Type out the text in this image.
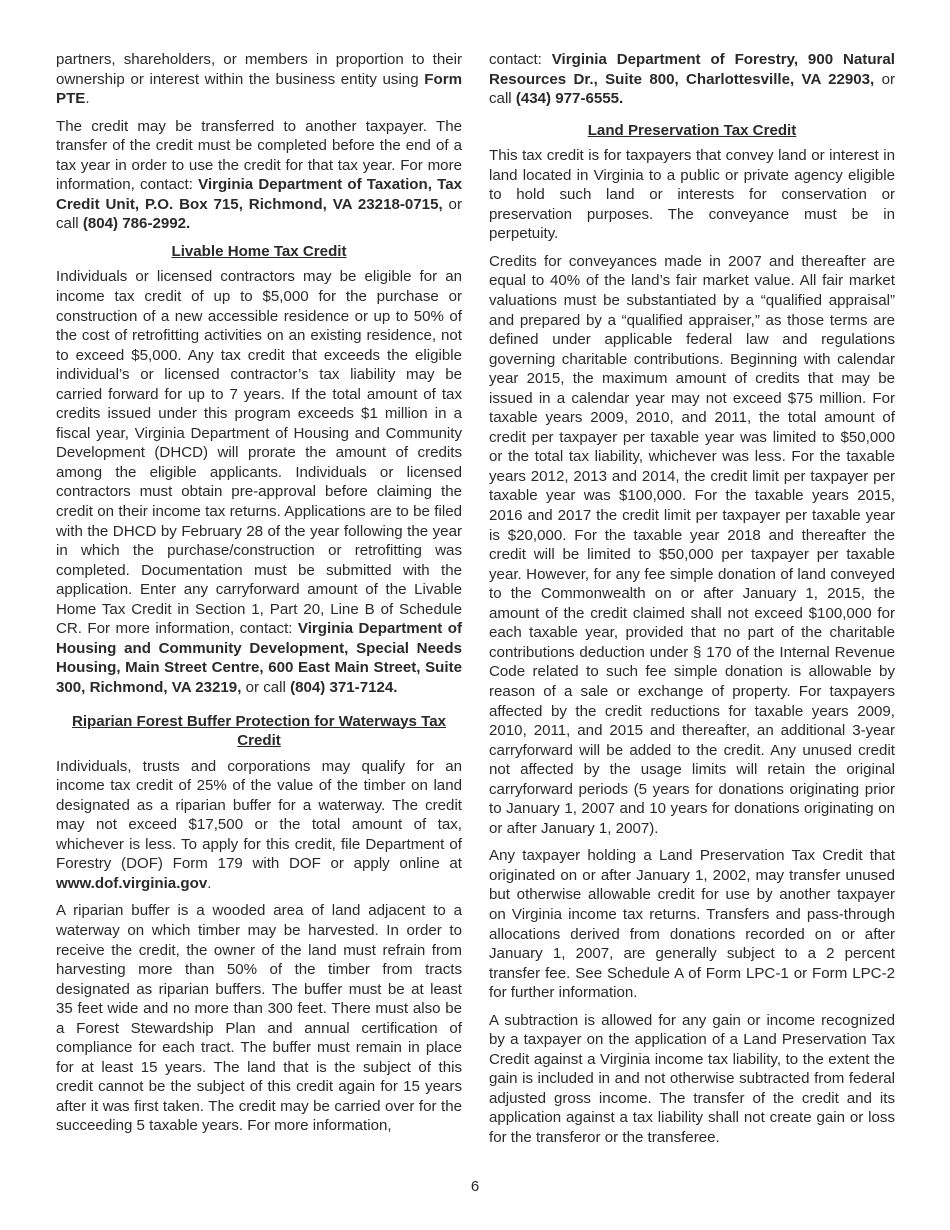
partners, shareholders, or members in proportion to their ownership or interest within the business entity using Form PTE.

The credit may be transferred to another taxpayer. The transfer of the credit must be completed before the end of a tax year in order to use the credit for that tax year. For more information, contact: Virginia Department of Taxation, Tax Credit Unit, P.O. Box 715, Richmond, VA 23218-0715, or call (804) 786-2992.

Livable Home Tax Credit

Individuals or licensed contractors may be eligible for an income tax credit of up to $5,000 for the purchase or construction of a new accessible residence or up to 50% of the cost of retrofitting activities on an existing residence, not to exceed $5,000. Any tax credit that exceeds the eligible individual’s or licensed contractor’s tax liability may be carried forward for up to 7 years. If the total amount of tax credits issued under this program exceeds $1 million in a fiscal year, Virginia Department of Housing and Community Development (DHCD) will prorate the amount of credits among the eligible applicants. Individuals or licensed contractors must obtain pre-approval before claiming the credit on their income tax returns. Applications are to be filed with the DHCD by February 28 of the year following the year in which the purchase/construction or retrofitting was completed. Documentation must be submitted with the application. Enter any carryforward amount of the Livable Home Tax Credit in Section 1, Part 20, Line B of Schedule CR. For more information, contact: Virginia Department of Housing and Community Development, Special Needs Housing, Main Street Centre, 600 East Main Street, Suite 300, Richmond, VA 23219, or call (804) 371-7124.

Riparian Forest Buffer Protection for Waterways Tax Credit

Individuals, trusts and corporations may qualify for an income tax credit of 25% of the value of the timber on land designated as a riparian buffer for a waterway. The credit may not exceed $17,500 or the total amount of tax, whichever is less. To apply for this credit, file Department of Forestry (DOF) Form 179 with DOF or apply online at www.dof.virginia.gov.

A riparian buffer is a wooded area of land adjacent to a waterway on which timber may be harvested. In order to receive the credit, the owner of the land must refrain from harvesting more than 50% of the timber from tracts designated as riparian buffers. The buffer must be at least 35 feet wide and no more than 300 feet. There must also be a Forest Stewardship Plan and annual certification of compliance for each tract. The buffer must remain in place for at least 15 years. The land that is the subject of this credit cannot be the subject of this credit again for 15 years after it was first taken. The credit may be carried over for the succeeding 5 taxable years. For more information,

contact: Virginia Department of Forestry, 900 Natural Resources Dr., Suite 800, Charlottesville, VA 22903, or call (434) 977-6555.

Land Preservation Tax Credit

This tax credit is for taxpayers that convey land or interest in land located in Virginia to a public or private agency eligible to hold such land or interests for conservation or preservation purposes. The conveyance must be in perpetuity.

Credits for conveyances made in 2007 and thereafter are equal to 40% of the land’s fair market value. All fair market valuations must be substantiated by a “qualified appraisal” and prepared by a “qualified appraiser,” as those terms are defined under applicable federal law and regulations governing charitable contributions. Beginning with calendar year 2015, the maximum amount of credits that may be issued in a calendar year may not exceed $75 million. For taxable years 2009, 2010, and 2011, the total amount of credit per taxpayer per taxable year was limited to $50,000 or the total tax liability, whichever was less. For the taxable years 2012, 2013 and 2014, the credit limit per taxpayer per taxable year was $100,000. For the taxable years 2015, 2016 and 2017 the credit limit per taxpayer per taxable year is $20,000. For the taxable year 2018 and thereafter the credit will be limited to $50,000 per taxpayer per taxable year. However, for any fee simple donation of land conveyed to the Commonwealth on or after January 1, 2015, the amount of the credit claimed shall not exceed $100,000 for each taxable year, provided that no part of the charitable contributions deduction under § 170 of the Internal Revenue Code related to such fee simple donation is allowable by reason of a sale or exchange of property. For taxpayers affected by the credit reductions for taxable years 2009, 2010, 2011, and 2015 and thereafter, an additional 3-year carryforward will be added to the credit. Any unused credit not affected by the usage limits will retain the original carryforward periods (5 years for donations originating prior to January 1, 2007 and 10 years for donations originating on or after January 1, 2007).

Any taxpayer holding a Land Preservation Tax Credit that originated on or after January 1, 2002, may transfer unused but otherwise allowable credit for use by another taxpayer on Virginia income tax returns. Transfers and pass-through allocations derived from donations recorded on or after January 1, 2007, are generally subject to a 2 percent transfer fee. See Schedule A of Form LPC-1 or Form LPC-2 for further information.

A subtraction is allowed for any gain or income recognized by a taxpayer on the application of a Land Preservation Tax Credit against a Virginia income tax liability, to the extent the gain is included in and not otherwise subtracted from federal adjusted gross income. The transfer of the credit and its application against a tax liability shall not create gain or loss for the transferor or the transferee.

6
